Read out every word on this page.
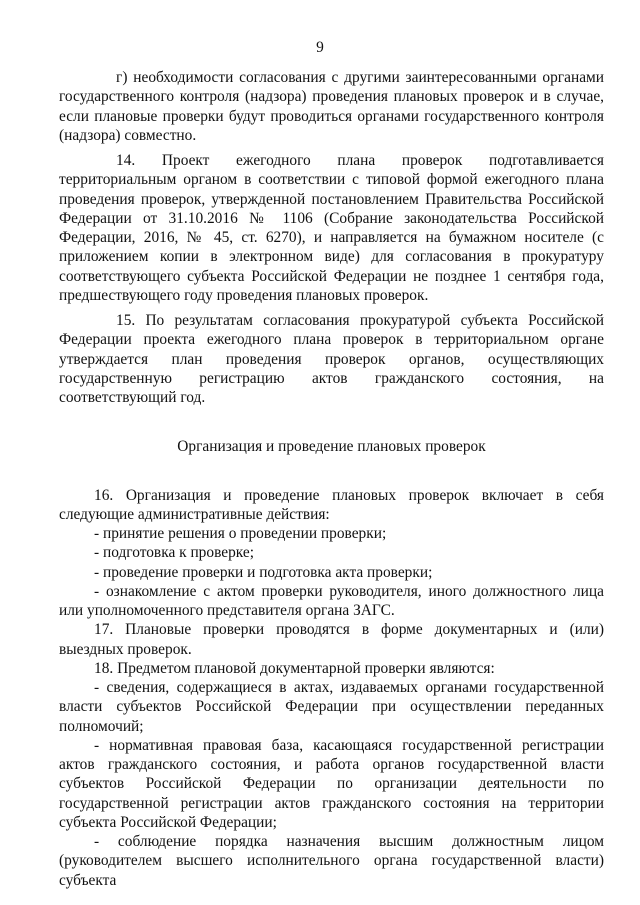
9

г) необходимости согласования с другими заинтересованными органами государственного контроля (надзора) проведения плановых проверок и в случае, если плановые проверки будут проводиться органами государственного контроля (надзора) совместно.

14. Проект ежегодного плана проверок подготавливается территориальным органом в соответствии с типовой формой ежегодного плана проведения проверок, утвержденной постановлением Правительства Российской Федерации от 31.10.2016 № 1106 (Собрание законодательства Российской Федерации, 2016, № 45, ст. 6270), и направляется на бумажном носителе (с приложением копии в электронном виде) для согласования в прокуратуру соответствующего субъекта Российской Федерации не позднее 1 сентября года, предшествующего году проведения плановых проверок.

15. По результатам согласования прокуратурой субъекта Российской Федерации проекта ежегодного плана проверок в территориальном органе утверждается план проведения проверок органов, осуществляющих государственную регистрацию актов гражданского состояния, на соответствующий год.

Организация и проведение плановых проверок

16. Организация и проведение плановых проверок включает в себя следующие административные действия:

- принятие решения о проведении проверки;

- подготовка к проверке;

- проведение проверки и подготовка акта проверки;

- ознакомление с актом проверки руководителя, иного должностного лица или уполномоченного представителя органа ЗАГС.

17. Плановые проверки проводятся в форме документарных и (или) выездных проверок.

18. Предметом плановой документарной проверки являются:

- сведения, содержащиеся в актах, издаваемых органами государственной власти субъектов Российской Федерации при осуществлении переданных полномочий;

- нормативная правовая база, касающаяся государственной регистрации актов гражданского состояния, и работа органов государственной власти субъектов Российской Федерации по организации деятельности по государственной регистрации актов гражданского состояния на территории субъекта Российской Федерации;

- соблюдение порядка назначения высшим должностным лицом (руководителем высшего исполнительного органа государственной власти) субъекта
